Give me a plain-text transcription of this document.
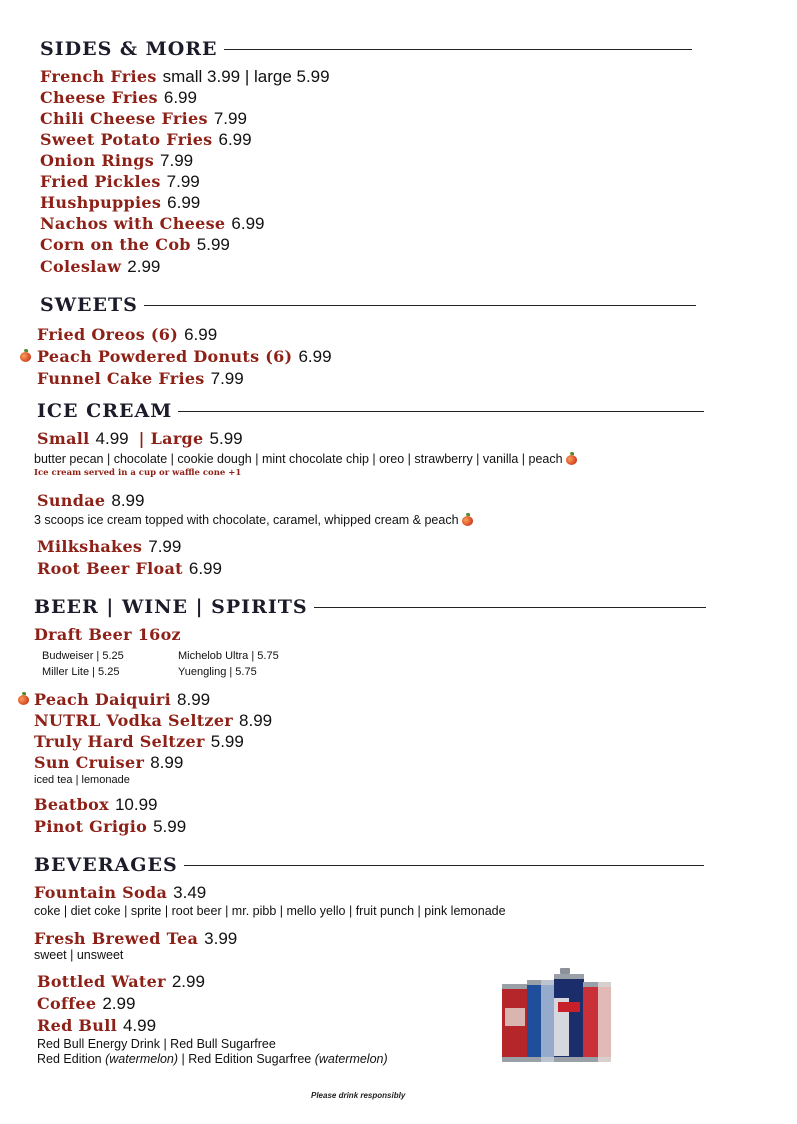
SIDES & MORE
French Fries small 3.99 | large 5.99
Cheese Fries 6.99
Chili Cheese Fries 7.99
Sweet Potato Fries 6.99
Onion Rings 7.99
Fried Pickles 7.99
Hushpuppies 6.99
Nachos with Cheese 6.99
Corn on the Cob 5.99
Coleslaw 2.99
SWEETS
Fried Oreos (6) 6.99
Peach Powdered Donuts (6) 6.99
Funnel Cake Fries 7.99
ICE CREAM
Small 4.99 | Large 5.99
butter pecan | chocolate | cookie dough | mint chocolate chip | oreo | strawberry | vanilla | peach
Ice cream served in a cup or waffle cone +1
Sundae 8.99
3 scoops ice cream topped with chocolate, caramel, whipped cream & peach
Milkshakes 7.99
Root Beer Float 6.99
BEER | WINE | SPIRITS
Draft Beer 16oz
Budweiser | 5.25	Michelob Ultra | 5.75
Miller Lite | 5.25	Yuengling | 5.75
Peach Daiquiri 8.99
NUTRL Vodka Seltzer 8.99
Truly Hard Seltzer 5.99
Sun Cruiser 8.99
iced tea | lemonade
Beatbox 10.99
Pinot Grigio 5.99
BEVERAGES
Fountain Soda 3.49
coke | diet coke | sprite | root beer | mr. pibb | mello yello | fruit punch | pink lemonade
Fresh Brewed Tea 3.99
sweet | unsweet
Bottled Water 2.99
Coffee 2.99
Red Bull 4.99
Red Bull Energy Drink | Red Bull Sugarfree
Red Edition (watermelon) | Red Edition Sugarfree (watermelon)
Please drink responsibly
